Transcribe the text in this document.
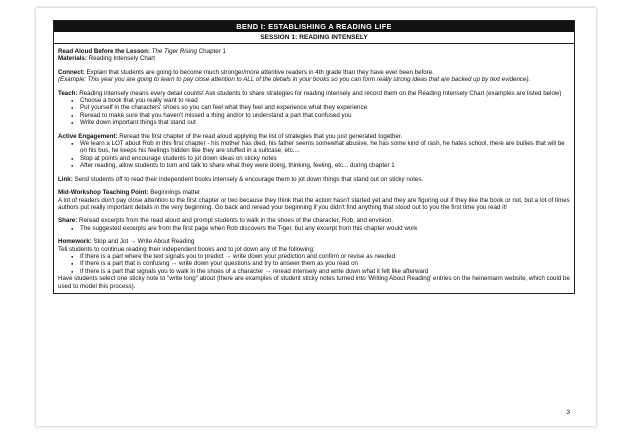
BEND I: ESTABLISHING A READING LIFE
SESSION 1: READING INTENSELY

Read Aloud Before the Lesson: The Tiger Rising Chapter 1

Materials: Reading Intensely Chart

Connect: Explain that students are going to become much stronger/more attentive readers in 4th grade than they have ever been before.

(Example: This year you are going to learn to pay close attention to ALL of the details in your books so you can form really strong ideas that are backed up by text evidence).

Teach: Reading intensely means every detail counts! Ask students to share strategies for reading intensely and record them on the Reading Intensely Chart (examples are listed below)

● Choose a book that you really want to read
● Put yourself in the characters' shoes so you can feel what they feel and experience what they experience
● Reread to make sure that you haven't missed a thing and/or to understand a part that confused you
● Write down important things that stand out

Active Engagement: Reread the first chapter of the read aloud applying the list of strategies that you just generated together.

● We learn a LOT about Rob in this first chapter - his mother has died, his father seems somewhat abusive, he has some kind of rash, he hates school, there are bullies that will be on his bus, he keeps his feelings hidden like they are stuffed in a suitcase, etc....
● Stop at points and encourage students to jot down ideas on sticky notes
● After reading, allow students to turn and talk to share what they were doing, thinking, feeling, etc... during chapter 1

Link: Send students off to read their independent books intensely & encourage them to jot down things that stand out on sticky notes.

Mid-Workshop Teaching Point: Beginnings matter

A lot of readers don't pay close attention to the first chapter or two because they think that the action hasn't started yet and they are figuring out if they like the book or not, but a lot of times authors put really important details in the very beginning. Go back and reread your beginning if you didn't find anything that stood out to you the first time you read it!

Share: Reread excerpts from the read aloud and prompt students to walk in the shoes of the character, Rob, and envision.

● The suggested excerpts are from the first page when Rob discovers the Tiger, but any excerpt from this chapter would work

Homework: Stop and Jot → Write About Reading

Tell students to continue reading their independent books and to jot down any of the following:

● If there is a part where the text signals you to predict → write down your prediction and confirm or revise as needed
● If there is a part that is confusing → write down your questions and try to answer them as you read on
● If there is a part that signals you to walk in the shoes of a character → reread intensely and write down what it felt like afterward

Have students select one sticky note to "write long" about (there are examples of student sticky notes turned into 'Writing About Reading' entries on the heinemann website, which could be used to model this process).

3
